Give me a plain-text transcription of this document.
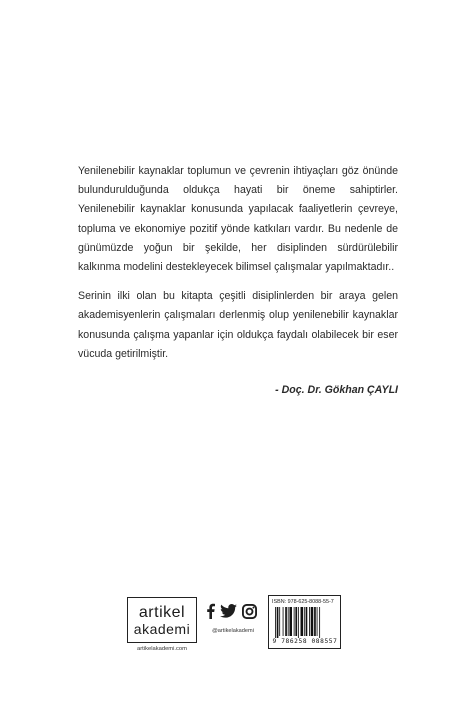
Yenilenebilir kaynaklar toplumun ve çevrenin ihtiyaçları göz önünde bulundurulduğunda oldukça hayati bir öneme sahiptirler. Yenilenebilir kaynaklar konusunda yapılacak faaliyetlerin çevreye, topluma ve ekonomiye pozitif yönde katkıları vardır. Bu nedenle de günümüzde yoğun bir şekilde, her disiplinden sürdürülebilir kalkınma modelini destekleyecek bilimsel çalışmalar yapılmaktadır..

Serinin ilki olan bu kitapta çeşitli disiplinlerden bir araya gelen akademisyenlerin çalışmaları derlenmiş olup yenilenebilir kaynaklar konusunda çalışma yapanlar için oldukça faydalı olabilecek bir eser vücuda getirilmiştir.

- Doç. Dr. Gökhan ÇAYLI
artikel
akademi
artikelakademi.com
@artikelakademi
ISBN: 978-625-8088-55-7
9 786258 088557
